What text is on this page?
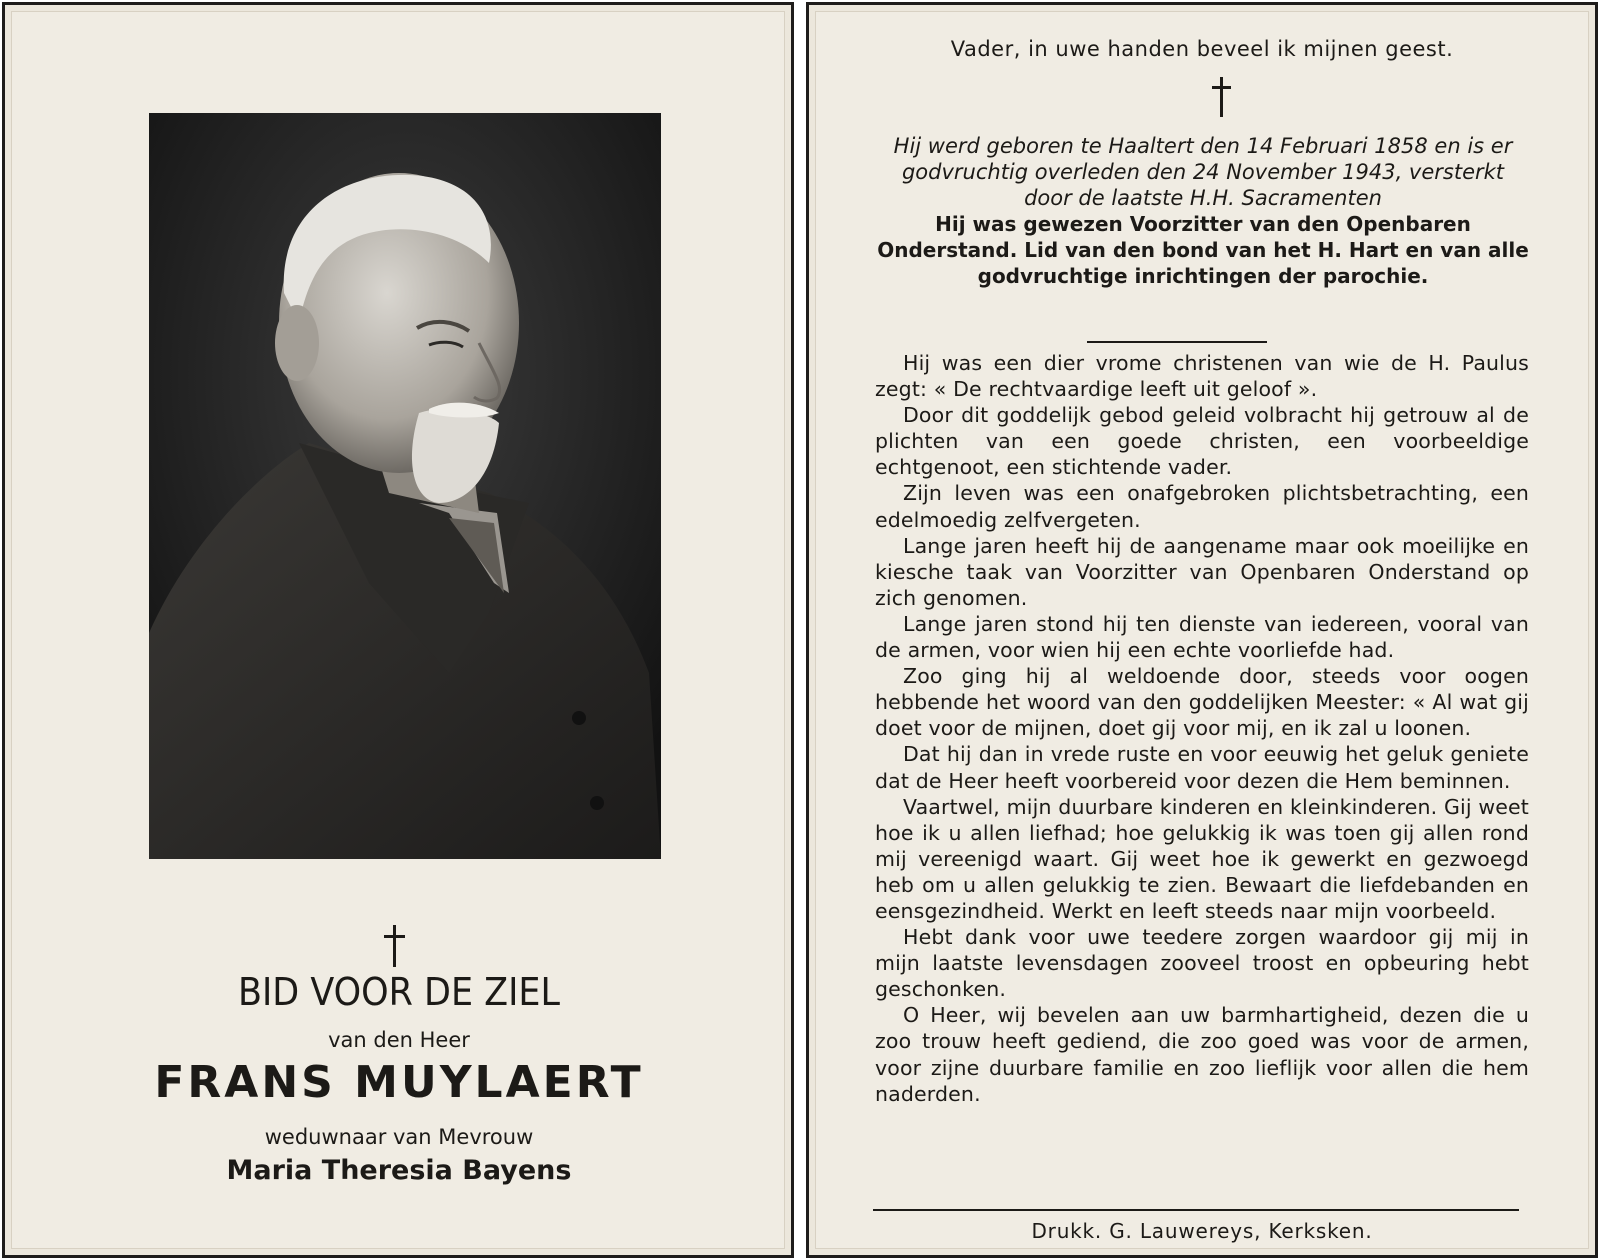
BID VOOR DE ZIEL
van den Heer
FRANS MUYLAERT
weduwnaar van Mevrouw
Maria Theresia Bayens
Vader, in uwe handen beveel ik mijnen geest.
Hij werd geboren te Haaltert den 14 Februari 1858 en is er godvruchtig overleden den 24 November 1943, versterkt door de laatste H.H. Sacramenten
Hij was gewezen Voorzitter van den Openbaren Onderstand. Lid van den bond van het H. Hart en van alle godvruchtige inrichtingen der parochie.

Hij was een dier vrome christenen van wie de H. Paulus zegt: « De rechtvaardige leeft uit geloof ».

Door dit goddelijk gebod geleid volbracht hij getrouw al de plichten van een goede christen, een voorbeeldige echtgenoot, een stichtende vader.

Zijn leven was een onafgebroken plichtsbetrachting, een edelmoedig zelfvergeten.

Lange jaren heeft hij de aangename maar ook moeilijke en kiesche taak van Voorzitter van Openbaren Onderstand op zich genomen.

Lange jaren stond hij ten dienste van iedereen, vooral van de armen, voor wien hij een echte voorliefde had.

Zoo ging hij al weldoende door, steeds voor oogen hebbende het woord van den goddelijken Meester: « Al wat gij doet voor de mijnen, doet gij voor mij, en ik zal u loonen.

Dat hij dan in vrede ruste en voor eeuwig het geluk geniete dat de Heer heeft voorbereid voor dezen die Hem beminnen.

Vaartwel, mijn duurbare kinderen en kleinkinderen. Gij weet hoe ik u allen liefhad; hoe gelukkig ik was toen gij allen rond mij vereenigd waart. Gij weet hoe ik gewerkt en gezwoegd heb om u allen gelukkig te zien. Bewaart die liefdebanden en eensgezindheid. Werkt en leeft steeds naar mijn voorbeeld.

Hebt dank voor uwe teedere zorgen waardoor gij mij in mijn laatste levensdagen zooveel troost en opbeuring hebt geschonken.

O Heer, wij bevelen aan uw barmhartigheid, dezen die u zoo trouw heeft gediend, die zoo goed was voor de armen, voor zijne duurbare familie en zoo lieflijk voor allen die hem naderden.

Drukk. G. Lauwereys, Kerksken.
